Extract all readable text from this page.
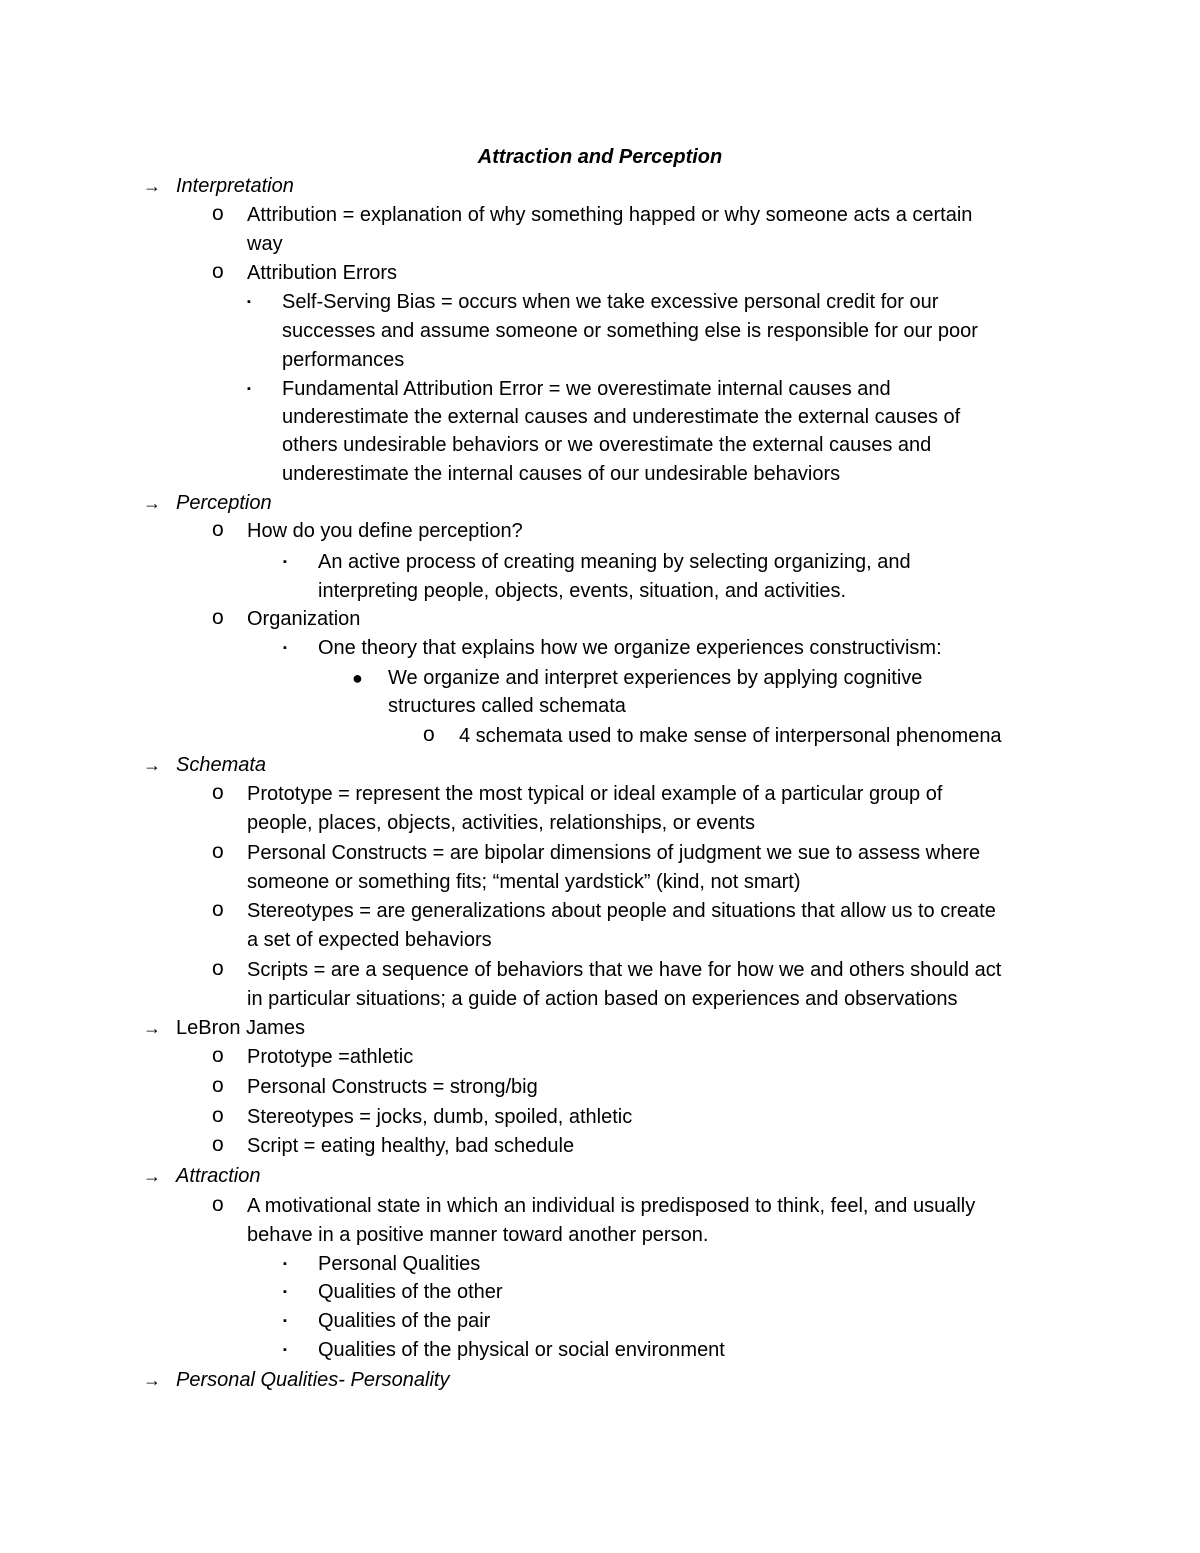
Attraction and Perception
→ Interpretation
o Attribution = explanation of why something happed or why someone acts a certain
way
o Attribution Errors
▪ Self-Serving Bias = occurs when we take excessive personal credit for our
successes and assume someone or something else is responsible for our poor
performances
▪ Fundamental Attribution Error = we overestimate internal causes and
underestimate the external causes and underestimate the external causes of
others undesirable behaviors or we overestimate the external causes and
underestimate the internal causes of our undesirable behaviors
→ Perception
o How do you define perception?
▪ An active process of creating meaning by selecting organizing, and
interpreting people, objects, events, situation, and activities.
o Organization
▪ One theory that explains how we organize experiences constructivism:
● We organize and interpret experiences by applying cognitive
structures called schemata
o 4 schemata used to make sense of interpersonal phenomena
→ Schemata
o Prototype = represent the most typical or ideal example of a particular group of
people, places, objects, activities, relationships, or events
o Personal Constructs = are bipolar dimensions of judgment we sue to assess where
someone or something fits; “mental yardstick” (kind, not smart)
o Stereotypes = are generalizations about people and situations that allow us to create
a set of expected behaviors
o Scripts = are a sequence of behaviors that we have for how we and others should act
in particular situations; a guide of action based on experiences and observations
→ LeBron James
o Prototype =athletic
o Personal Constructs = strong/big
o Stereotypes = jocks, dumb, spoiled, athletic
o Script = eating healthy, bad schedule
→ Attraction
o A motivational state in which an individual is predisposed to think, feel, and usually
behave in a positive manner toward another person.
▪ Personal Qualities
▪ Qualities of the other
▪ Qualities of the pair
▪ Qualities of the physical or social environment
→ Personal Qualities- Personality
